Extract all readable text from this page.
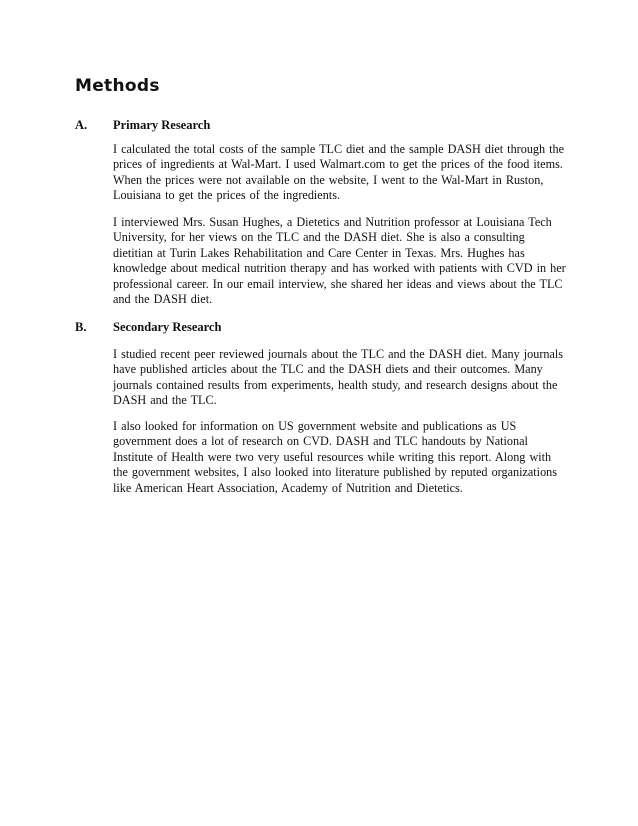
Methods
A.	Primary Research

I calculated the total costs of the sample TLC diet and the sample DASH diet through the prices of ingredients at Wal-Mart. I used Walmart.com to get the prices of the food items. When the prices were not available on the website, I went to the Wal-Mart in Ruston, Louisiana to get the prices of the ingredients.

I interviewed Mrs. Susan Hughes, a Dietetics and Nutrition professor at Louisiana Tech University, for her views on the TLC and the DASH diet. She is also a consulting dietitian at Turin Lakes Rehabilitation and Care Center in Texas. Mrs. Hughes has knowledge about medical nutrition therapy and has worked with patients with CVD in her professional career. In our email interview, she shared her ideas and views about the TLC and the DASH diet.

B.	Secondary Research

I studied recent peer reviewed journals about the TLC and the DASH diet. Many journals have published articles about the TLC and the DASH diets and their outcomes. Many journals contained results from experiments, health study, and research designs about the DASH and the TLC.

I also looked for information on US government website and publications as US government does a lot of research on CVD. DASH and TLC handouts by National Institute of Health were two very useful resources while writing this report. Along with the government websites, I also looked into literature published by reputed organizations like American Heart Association, Academy of Nutrition and Dietetics.
